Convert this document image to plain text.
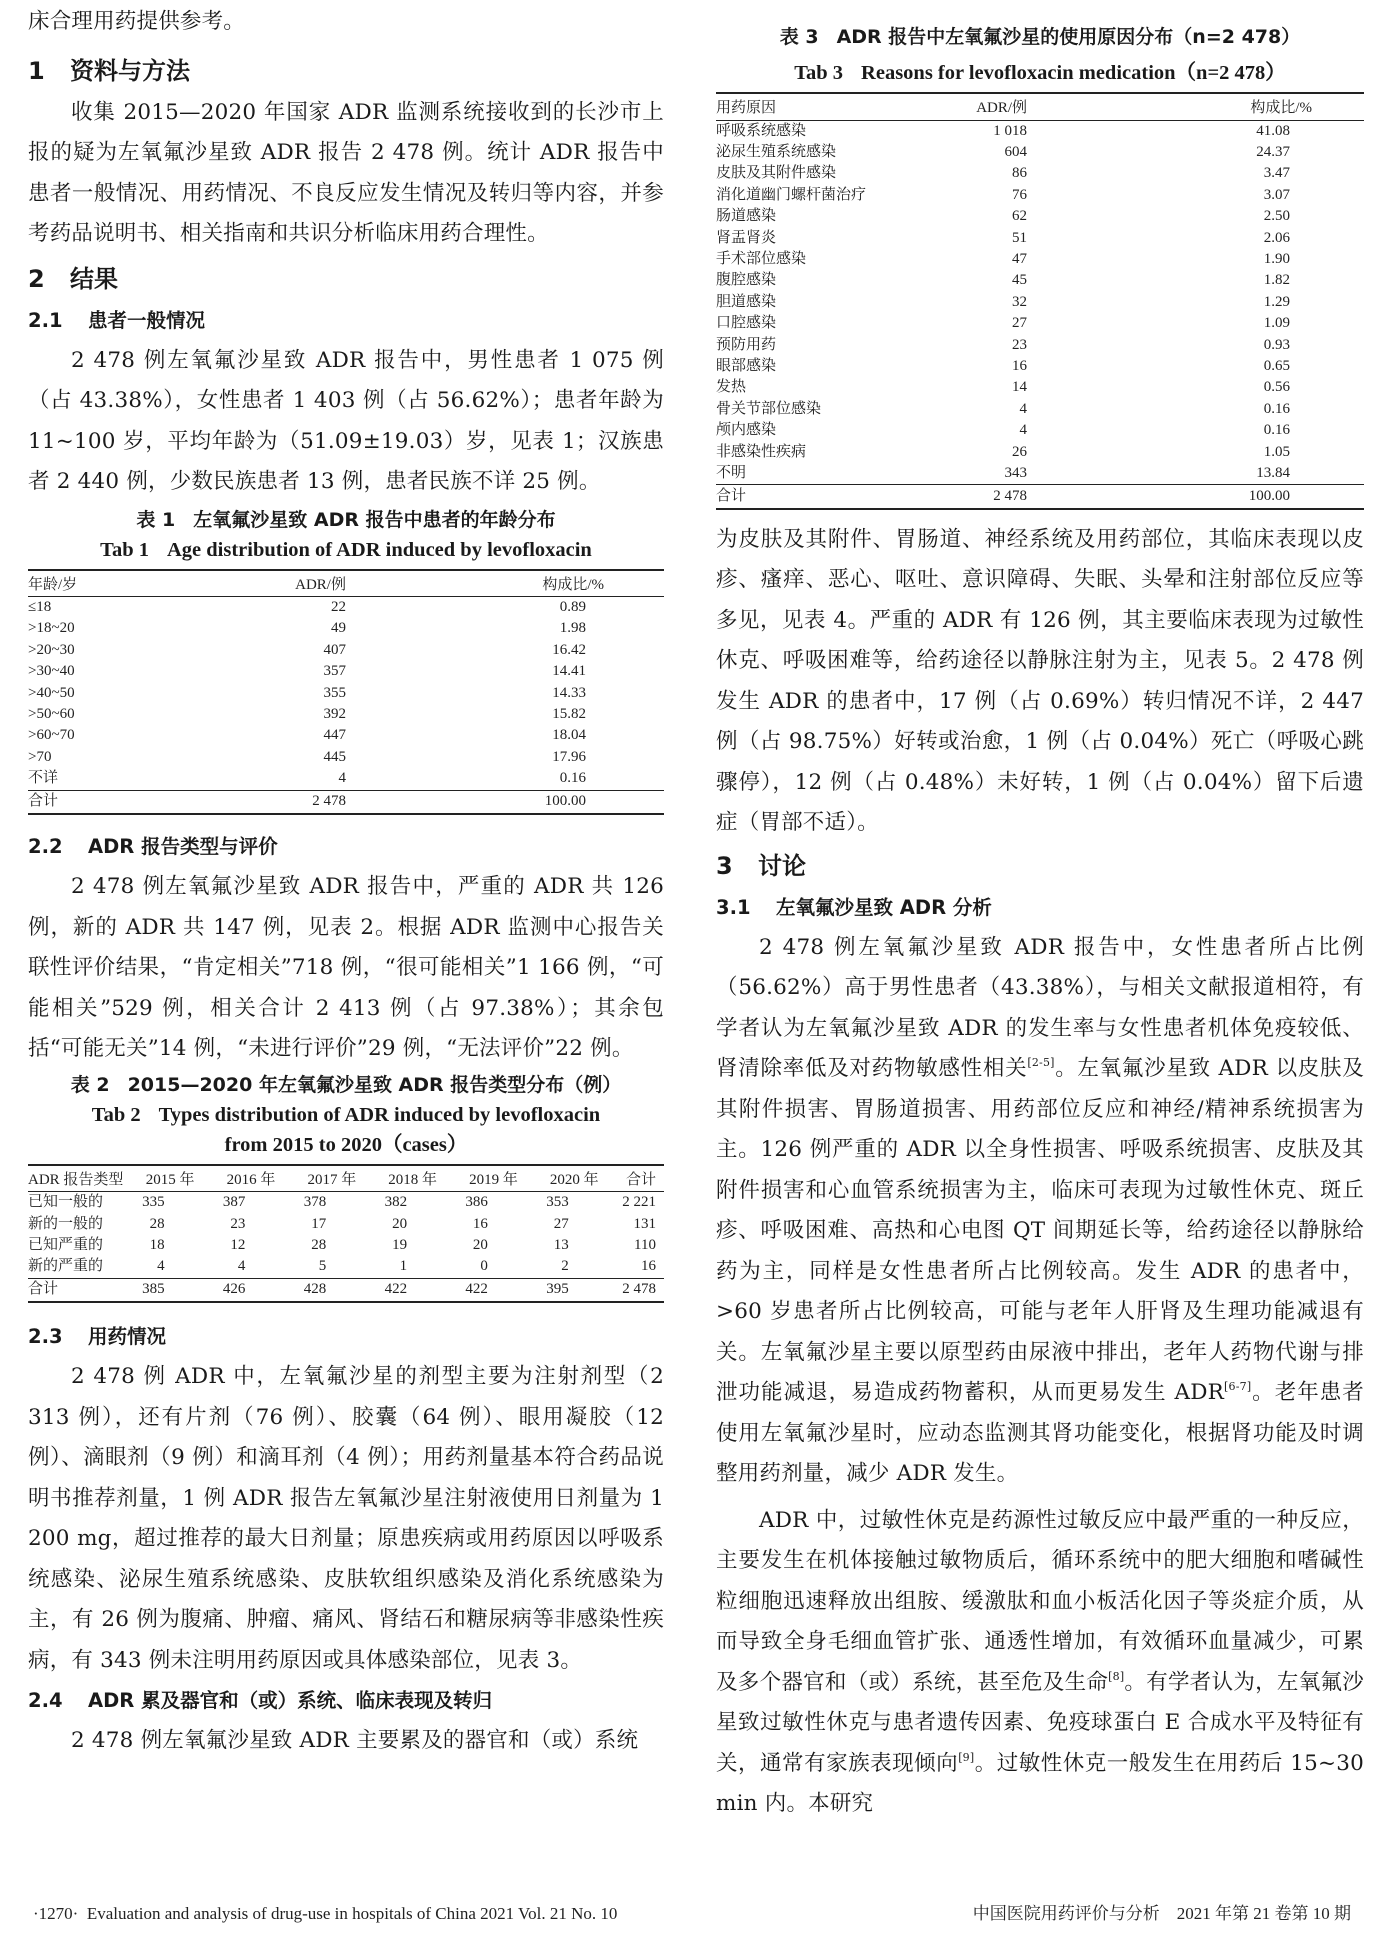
床合理用药提供参考。

1 资料与方法

收集 2015—2020 年国家 ADR 监测系统接收到的长沙市上报的疑为左氧氟沙星致 ADR 报告 2 478 例。统计 ADR 报告中患者一般情况、用药情况、不良反应发生情况及转归等内容，并参考药品说明书、相关指南和共识分析临床用药合理性。

2 结果
2.1 患者一般情况

2 478 例左氧氟沙星致 ADR 报告中，男性患者 1 075 例（占 43.38%），女性患者 1 403 例（占 56.62%）；患者年龄为 11~100 岁，平均年龄为（51.09±19.03）岁，见表 1；汉族患者 2 440 例，少数民族患者 13 例，患者民族不详 25 例。

表 1 左氧氟沙星致 ADR 报告中患者的年龄分布
Tab 1 Age distribution of ADR induced by levofloxacin
年龄/岁	ADR/例	构成比/%
≤18	22	0.89
>18~20	49	1.98
>20~30	407	16.42
>30~40	357	14.41
>40~50	355	14.33
>50~60	392	15.82
>60~70	447	18.04
>70	445	17.96
不详	4	0.16
合计	2 478	100.00
2.2 ADR 报告类型与评价

2 478 例左氧氟沙星致 ADR 报告中，严重的 ADR 共 126 例，新的 ADR 共 147 例，见表 2。根据 ADR 监测中心报告关联性评价结果，“肯定相关”718 例，“很可能相关”1 166 例，“可能相关”529 例，相关合计 2 413 例（占 97.38%）；其余包括“可能无关”14 例，“未进行评价”29 例，“无法评价”22 例。

表 2 2015—2020 年左氧氟沙星致 ADR 报告类型分布（例）
Tab 2 Types distribution of ADR induced by levofloxacin
from 2015 to 2020（cases）
ADR 报告类型	2015 年	2016 年	2017 年	2018 年	2019 年	2020 年	合计
已知一般的	335	387	378	382	386	353	2 221
新的一般的	28	23	17	20	16	27	131
已知严重的	18	12	28	19	20	13	110
新的严重的	4	4	5	1	0	2	16
合计	385	426	428	422	422	395	2 478
2.3 用药情况

2 478 例 ADR 中，左氧氟沙星的剂型主要为注射剂型（2 313 例），还有片剂（76 例）、胶囊（64 例）、眼用凝胶（12 例）、滴眼剂（9 例）和滴耳剂（4 例）；用药剂量基本符合药品说明书推荐剂量，1 例 ADR 报告左氧氟沙星注射液使用日剂量为 1 200 mg，超过推荐的最大日剂量；原患疾病或用药原因以呼吸系统感染、泌尿生殖系统感染、皮肤软组织感染及消化系统感染为主，有 26 例为腹痛、肿瘤、痛风、肾结石和糖尿病等非感染性疾病，有 343 例未注明用药原因或具体感染部位，见表 3。

2.4 ADR 累及器官和（或）系统、临床表现及转归

2 478 例左氧氟沙星致 ADR 主要累及的器官和（或）系统

表 3 ADR 报告中左氧氟沙星的使用原因分布（n=2 478）
Tab 3 Reasons for levofloxacin medication（n=2 478）
用药原因	ADR/例	构成比/%
呼吸系统感染	1 018	41.08
泌尿生殖系统感染	604	24.37
皮肤及其附件感染	86	3.47
消化道幽门螺杆菌治疗	76	3.07
肠道感染	62	2.50
肾盂肾炎	51	2.06
手术部位感染	47	1.90
腹腔感染	45	1.82
胆道感染	32	1.29
口腔感染	27	1.09
预防用药	23	0.93
眼部感染	16	0.65
发热	14	0.56
骨关节部位感染	4	0.16
颅内感染	4	0.16
非感染性疾病	26	1.05
不明	343	13.84
合计	2 478	100.00

为皮肤及其附件、胃肠道、神经系统及用药部位，其临床表现以皮疹、瘙痒、恶心、呕吐、意识障碍、失眠、头晕和注射部位反应等多见，见表 4。严重的 ADR 有 126 例，其主要临床表现为过敏性休克、呼吸困难等，给药途径以静脉注射为主，见表 5。2 478 例发生 ADR 的患者中，17 例（占 0.69%）转归情况不详，2 447 例（占 98.75%）好转或治愈，1 例（占 0.04%）死亡（呼吸心跳骤停），12 例（占 0.48%）未好转，1 例（占 0.04%）留下后遗症（胃部不适）。

3 讨论
3.1 左氧氟沙星致 ADR 分析

2 478 例左氧氟沙星致 ADR 报告中，女性患者所占比例（56.62%）高于男性患者（43.38%），与相关文献报道相符，有学者认为左氧氟沙星致 ADR 的发生率与女性患者机体免疫较低、肾清除率低及对药物敏感性相关[2-5]。左氧氟沙星致 ADR 以皮肤及其附件损害、胃肠道损害、用药部位反应和神经/精神系统损害为主。126 例严重的 ADR 以全身性损害、呼吸系统损害、皮肤及其附件损害和心血管系统损害为主，临床可表现为过敏性休克、斑丘疹、呼吸困难、高热和心电图 QT 间期延长等，给药途径以静脉给药为主，同样是女性患者所占比例较高。发生 ADR 的患者中，>60 岁患者所占比例较高，可能与老年人肝肾及生理功能减退有关。左氧氟沙星主要以原型药由尿液中排出，老年人药物代谢与排泄功能减退，易造成药物蓄积，从而更易发生 ADR[6-7]。老年患者使用左氧氟沙星时，应动态监测其肾功能变化，根据肾功能及时调整用药剂量，减少 ADR 发生。

ADR 中，过敏性休克是药源性过敏反应中最严重的一种反应，主要发生在机体接触过敏物质后，循环系统中的肥大细胞和嗜碱性粒细胞迅速释放出组胺、缓激肽和血小板活化因子等炎症介质，从而导致全身毛细血管扩张、通透性增加，有效循环血量减少，可累及多个器官和（或）系统，甚至危及生命[8]。有学者认为，左氧氟沙星致过敏性休克与患者遗传因素、免疫球蛋白 E 合成水平及特征有关，通常有家族表现倾向[9]。过敏性休克一般发生在用药后 15~30 min 内。本研究

·1270· Evaluation and analysis of drug-use in hospitals of China 2021 Vol. 21 No. 10	中国医院用药评价与分析　2021 年第 21 卷第 10 期
